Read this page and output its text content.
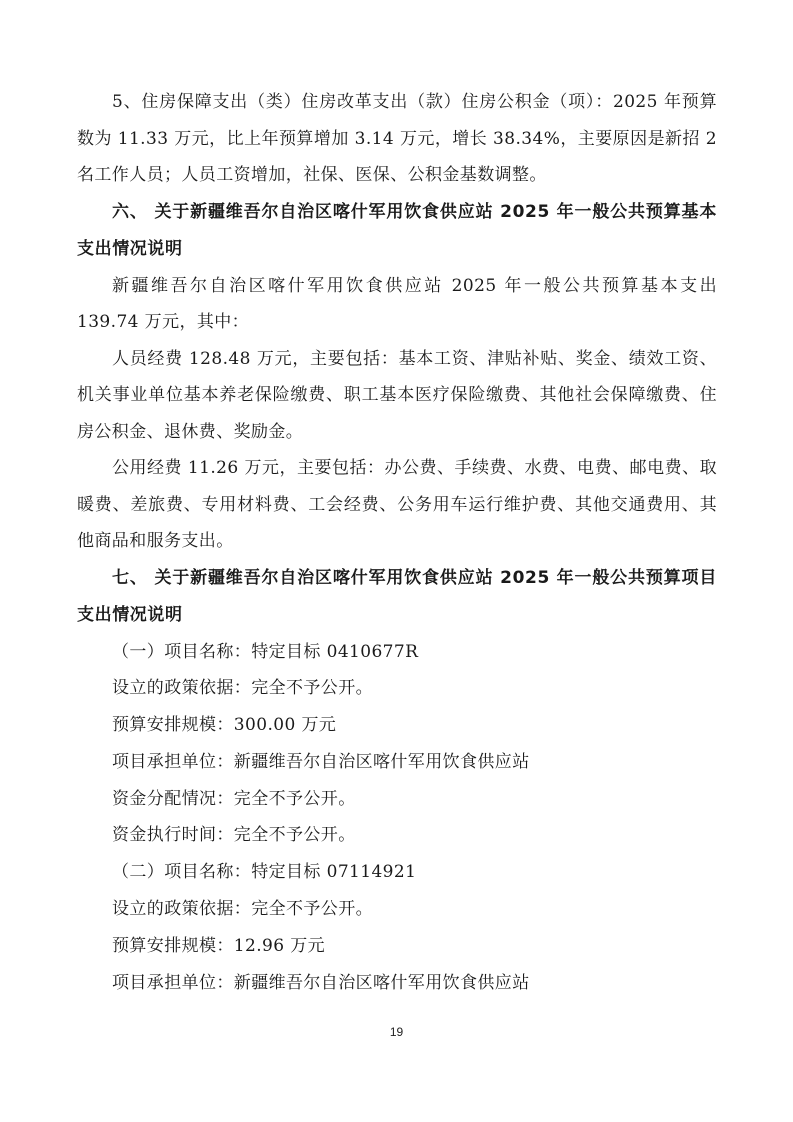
5、住房保障支出（类）住房改革支出（款）住房公积金（项）：2025 年预算数为 11.33 万元，比上年预算增加 3.14 万元，增长 38.34%，主要原因是新招 2 名工作人员；人员工资增加，社保、医保、公积金基数调整。

六、 关于新疆维吾尔自治区喀什军用饮食供应站 2025 年一般公共预算基本支出情况说明

新疆维吾尔自治区喀什军用饮食供应站 2025 年一般公共预算基本支出 139.74 万元，其中：

人员经费 128.48 万元，主要包括：基本工资、津贴补贴、奖金、绩效工资、机关事业单位基本养老保险缴费、职工基本医疗保险缴费、其他社会保障缴费、住房公积金、退休费、奖励金。

公用经费 11.26 万元，主要包括：办公费、手续费、水费、电费、邮电费、取暖费、差旅费、专用材料费、工会经费、公务用车运行维护费、其他交通费用、其他商品和服务支出。

七、 关于新疆维吾尔自治区喀什军用饮食供应站 2025 年一般公共预算项目支出情况说明

（一）项目名称：特定目标 0410677R

设立的政策依据：完全不予公开。

预算安排规模：300.00 万元

项目承担单位：新疆维吾尔自治区喀什军用饮食供应站

资金分配情况：完全不予公开。

资金执行时间：完全不予公开。

（二）项目名称：特定目标 07114921

设立的政策依据：完全不予公开。

预算安排规模：12.96 万元

项目承担单位：新疆维吾尔自治区喀什军用饮食供应站

19
